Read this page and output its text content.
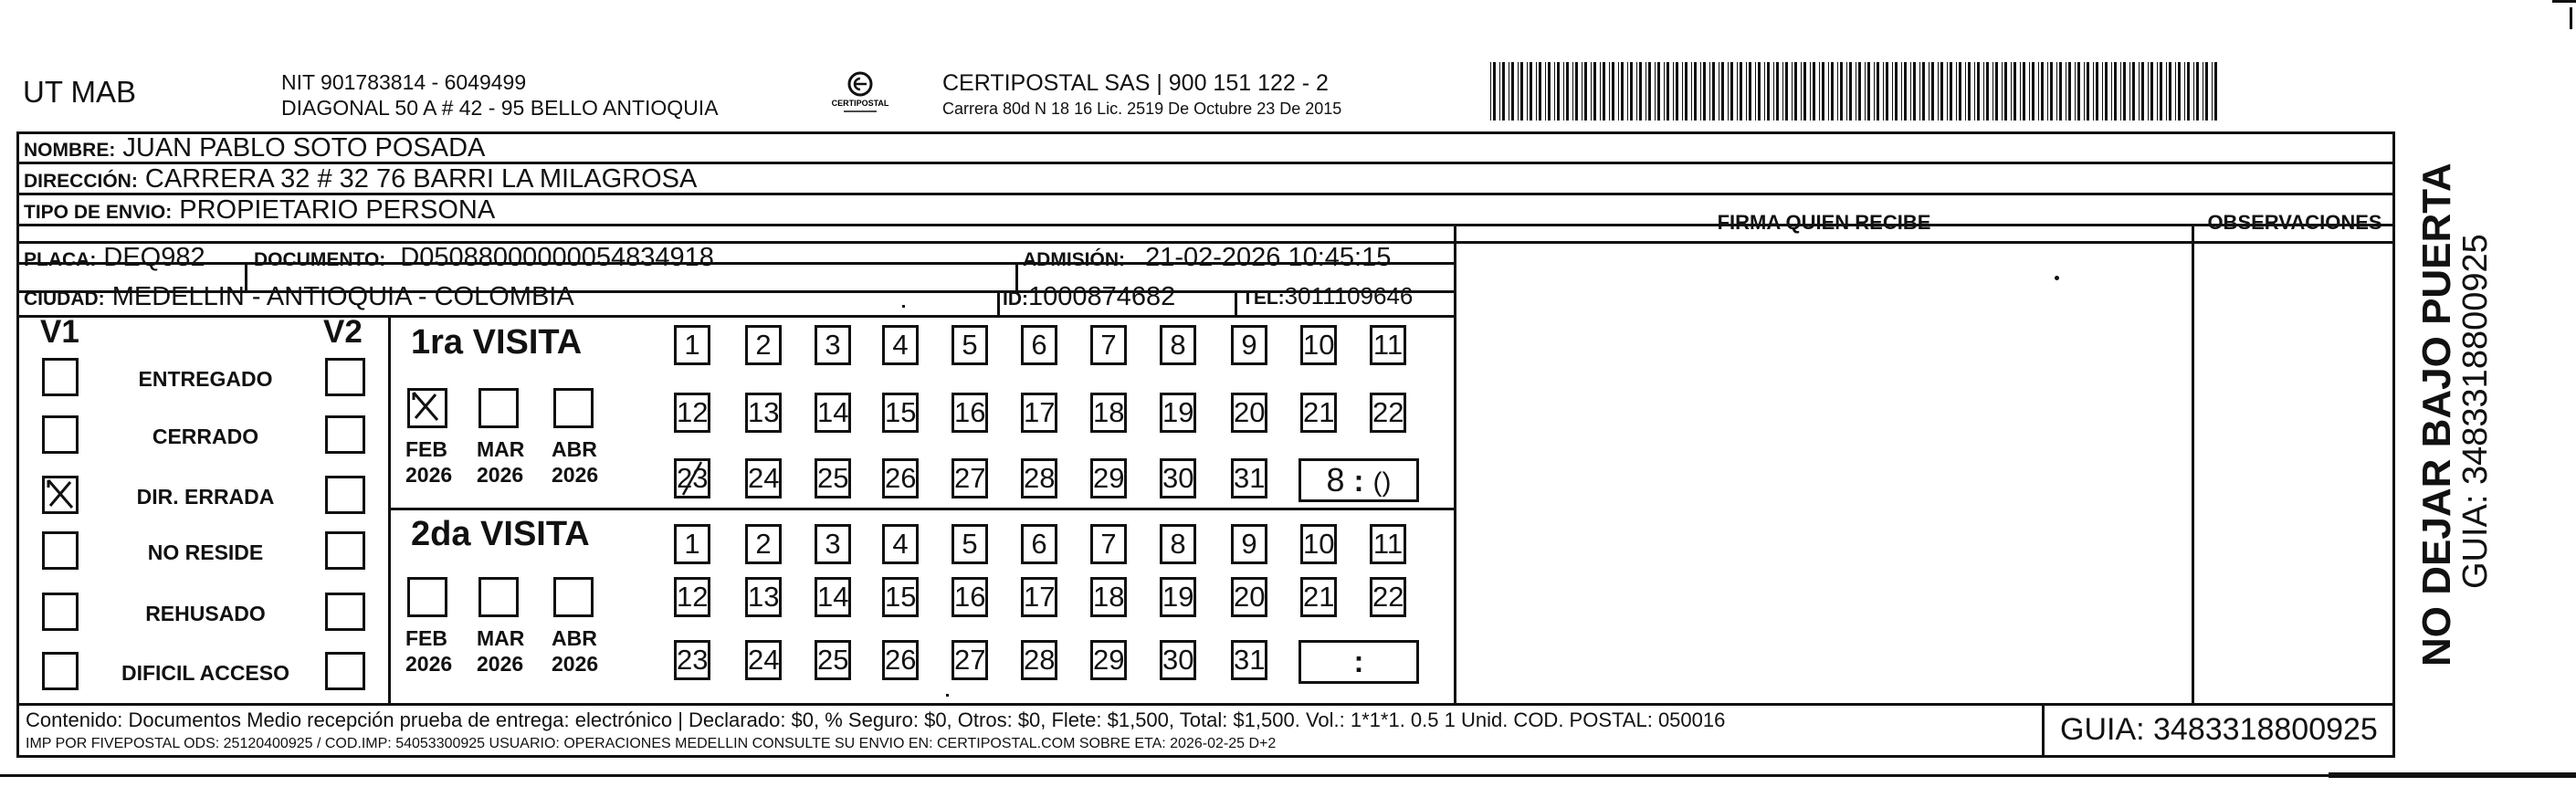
UT MAB	NIT 901783814 - 6049499
DIAGONAL 50 A # 42 - 95 BELLO ANTIOQUIA	CERTIPOSTAL
CERTIPOSTAL SAS | 900 151 122 - 2
Carrera 80d N 18 16 Lic. 2519 De Octubre 23 De 2015
NOMBRE: JUAN PABLO SOTO POSADA
DIRECCIÓN: CARRERA 32 # 32 76 BARRI LA MILAGROSA
TIPO DE ENVIO: PROPIETARIO PERSONA	FIRMA QUIEN RECIBE	OBSERVACIONES
PLACA: DEQ982	DOCUMENTO: D05088000000054834918	ADMISIÓN: 21-02-2026 10:45:15
CIUDAD: MEDELLIN - ANTIOQUIA - COLOMBIA	ID:1000874682	TEL:3011109646
V1	V2
ENTREGADO
CERRADO
DIR. ERRADA
NO RESIDE
REHUSADO
DIFICIL ACCESO
1ra VISITA
FEB
2026
MAR
2026
ABR
2026
1	2	3	4	5	6	7	8	9	10 11
12 13 14 15 16 17 18 19 20 21 22
23 24 25 26 27 28 29 30 31	8 : ()
2da VISITA
FEB
2026
MAR
2026
ABR
2026
1	2	3	4	5	6	7	8	9	10 11
12 13 14 15 16 17 18 19 20 21 22
23 24 25 26 27 28 29 30 31	:
Contenido: Documentos Medio recepción prueba de entrega: electrónico | Declarado: $0, % Seguro: $0, Otros: $0, Flete: $1,500, Total: $1,500. Vol.: 1*1*1. 0.5 1 Unid. COD. POSTAL: 050016
IMP POR FIVEPOSTAL ODS: 25120400925 / COD.IMP: 54053300925 USUARIO: OPERACIONES MEDELLIN CONSULTE SU ENVIO EN: CERTIPOSTAL.COM SOBRE ETA: 2026-02-25 D+2	GUIA: 3483318800925
NO DEJAR BAJO PUERTA
GUIA: 3483318800925
